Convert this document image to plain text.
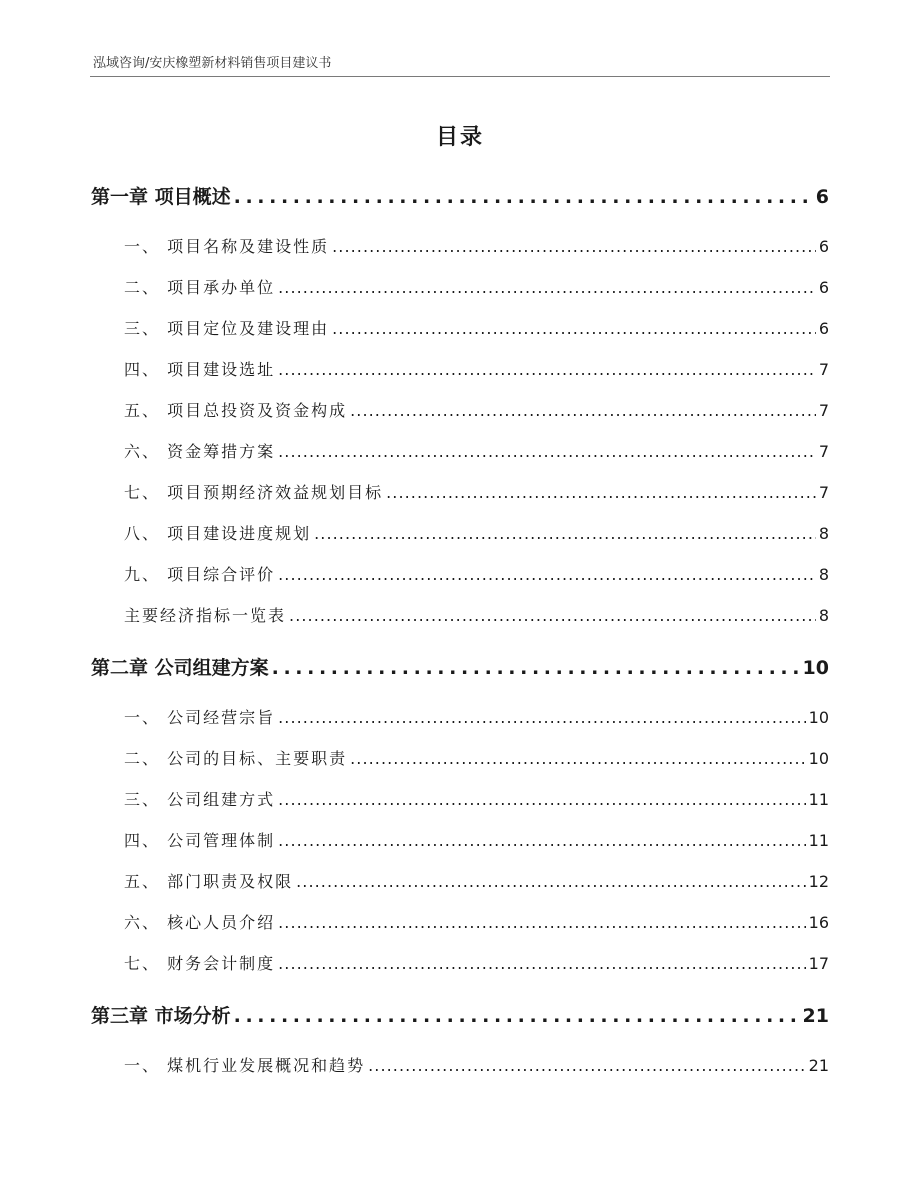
泓域咨询/安庆橡塑新材料销售项目建议书
目录
第一章 项目概述 . . .	6
一、 项目名称及建设性质 . . .	6
二、 项目承办单位 . . .	6
三、 项目定位及建设理由 . . .	6
四、 项目建设选址 . . .	7
五、 项目总投资及资金构成 . . .	7
六、 资金筹措方案 . . .	7
七、 项目预期经济效益规划目标 . . .	7
八、 项目建设进度规划 . . .	8
九、 项目综合评价 . . .	8
主要经济指标一览表 . . .	8
第二章 公司组建方案 . . .	10
一、 公司经营宗旨 . . .	10
二、 公司的目标、主要职责 . . .	10
三、 公司组建方式 . . .	11
四、 公司管理体制 . . .	11
五、 部门职责及权限 . . .	12
六、 核心人员介绍 . . .	16
七、 财务会计制度 . . .	17
第三章 市场分析 . . .	21
一、 煤机行业发展概况和趋势 . . .	21
